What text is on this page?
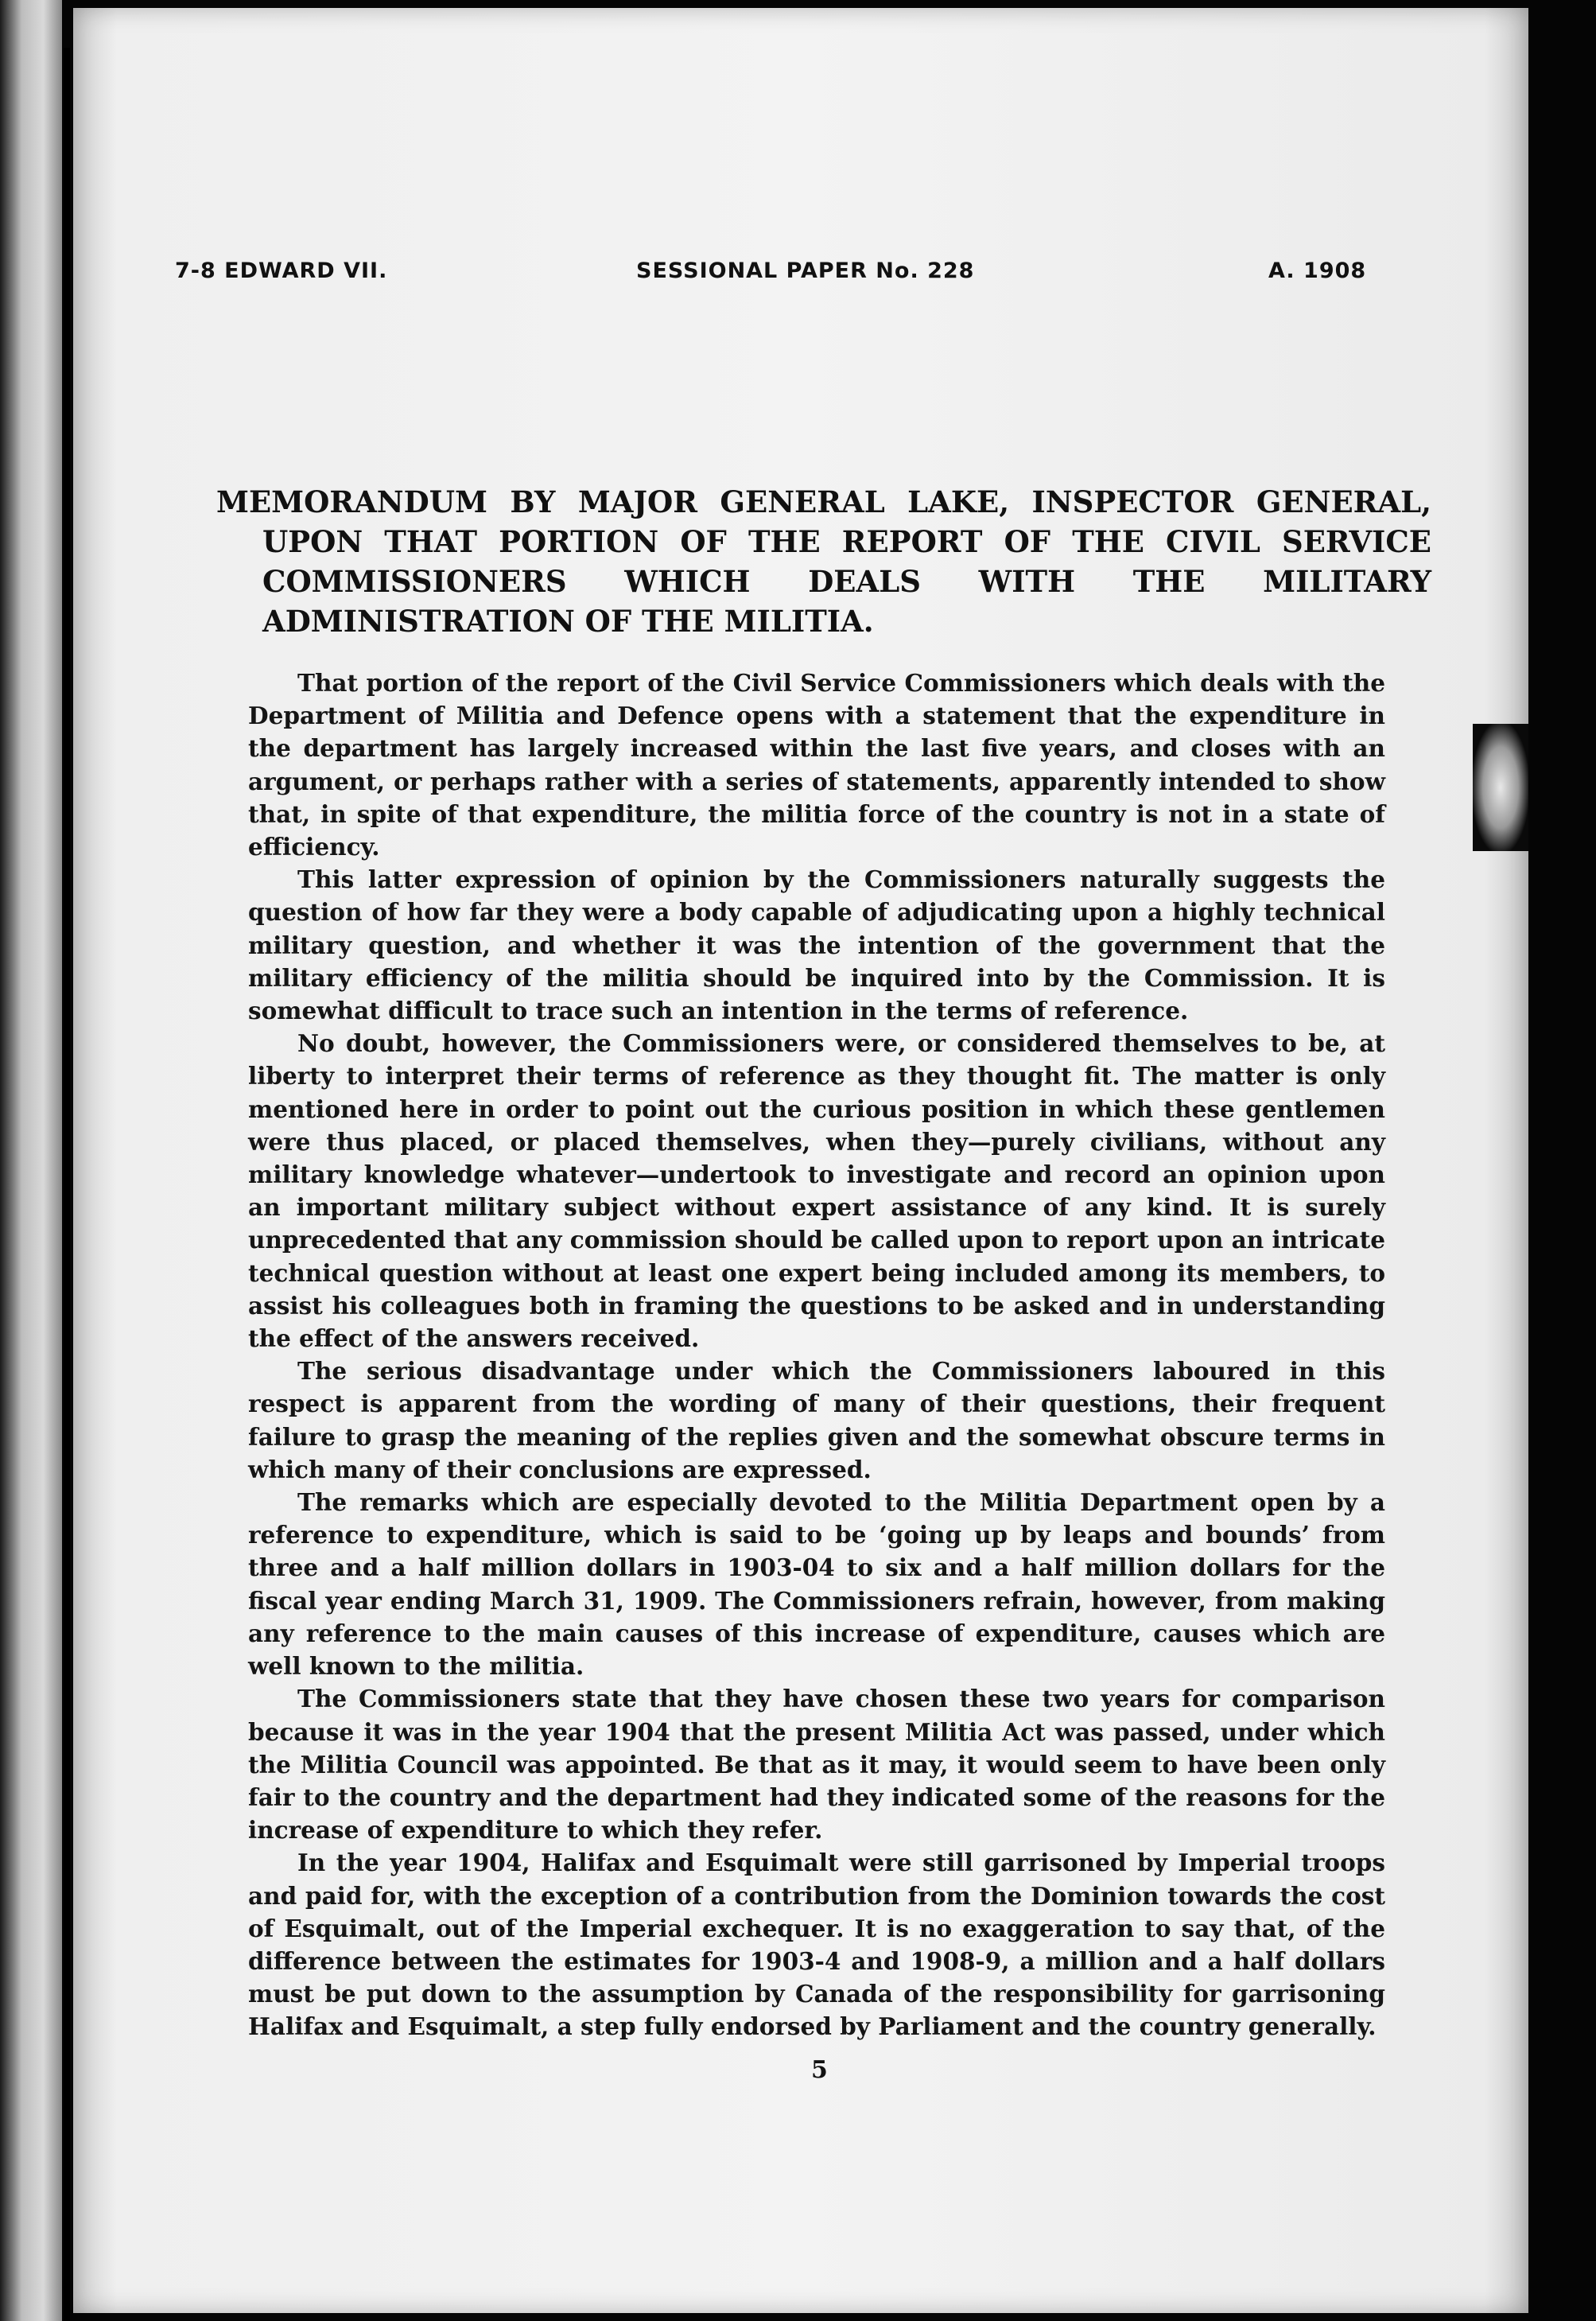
7-8 EDWARD VII.	SESSIONAL PAPER No. 228	A. 1908
MEMORANDUM BY MAJOR GENERAL LAKE, INSPECTOR GENERAL, UPON THAT PORTION OF THE REPORT OF THE CIVIL SERVICE COMMISSIONERS WHICH DEALS WITH THE MILITARY ADMINISTRATION OF THE MILITIA.

That portion of the report of the Civil Service Commissioners which deals with the Department of Militia and Defence opens with a statement that the expenditure in the department has largely increased within the last five years, and closes with an argument, or perhaps rather with a series of statements, apparently intended to show that, in spite of that expenditure, the militia force of the country is not in a state of efficiency.

This latter expression of opinion by the Commissioners naturally suggests the question of how far they were a body capable of adjudicating upon a highly technical military question, and whether it was the intention of the government that the military efficiency of the militia should be inquired into by the Commission. It is somewhat difficult to trace such an intention in the terms of reference.

No doubt, however, the Commissioners were, or considered themselves to be, at liberty to interpret their terms of reference as they thought fit. The matter is only mentioned here in order to point out the curious position in which these gentlemen were thus placed, or placed themselves, when they—purely civilians, without any military knowledge whatever—undertook to investigate and record an opinion upon an important military subject without expert assistance of any kind. It is surely unprecedented that any commission should be called upon to report upon an intricate technical question without at least one expert being included among its members, to assist his colleagues both in framing the questions to be asked and in understanding the effect of the answers received.

The serious disadvantage under which the Commissioners laboured in this respect is apparent from the wording of many of their questions, their frequent failure to grasp the meaning of the replies given and the somewhat obscure terms in which many of their conclusions are expressed.

The remarks which are especially devoted to the Militia Department open by a reference to expenditure, which is said to be ‘going up by leaps and bounds’ from three and a half million dollars in 1903-04 to six and a half million dollars for the fiscal year ending March 31, 1909. The Commissioners refrain, however, from making any reference to the main causes of this increase of expenditure, causes which are well known to the militia.

The Commissioners state that they have chosen these two years for comparison because it was in the year 1904 that the present Militia Act was passed, under which the Militia Council was appointed. Be that as it may, it would seem to have been only fair to the country and the department had they indicated some of the reasons for the increase of expenditure to which they refer.

In the year 1904, Halifax and Esquimalt were still garrisoned by Imperial troops and paid for, with the exception of a contribution from the Dominion towards the cost of Esquimalt, out of the Imperial exchequer. It is no exaggeration to say that, of the difference between the estimates for 1903-4 and 1908-9, a million and a half dollars must be put down to the assumption by Canada of the responsibility for garrisoning Halifax and Esquimalt, a step fully endorsed by Parliament and the country generally.

5
